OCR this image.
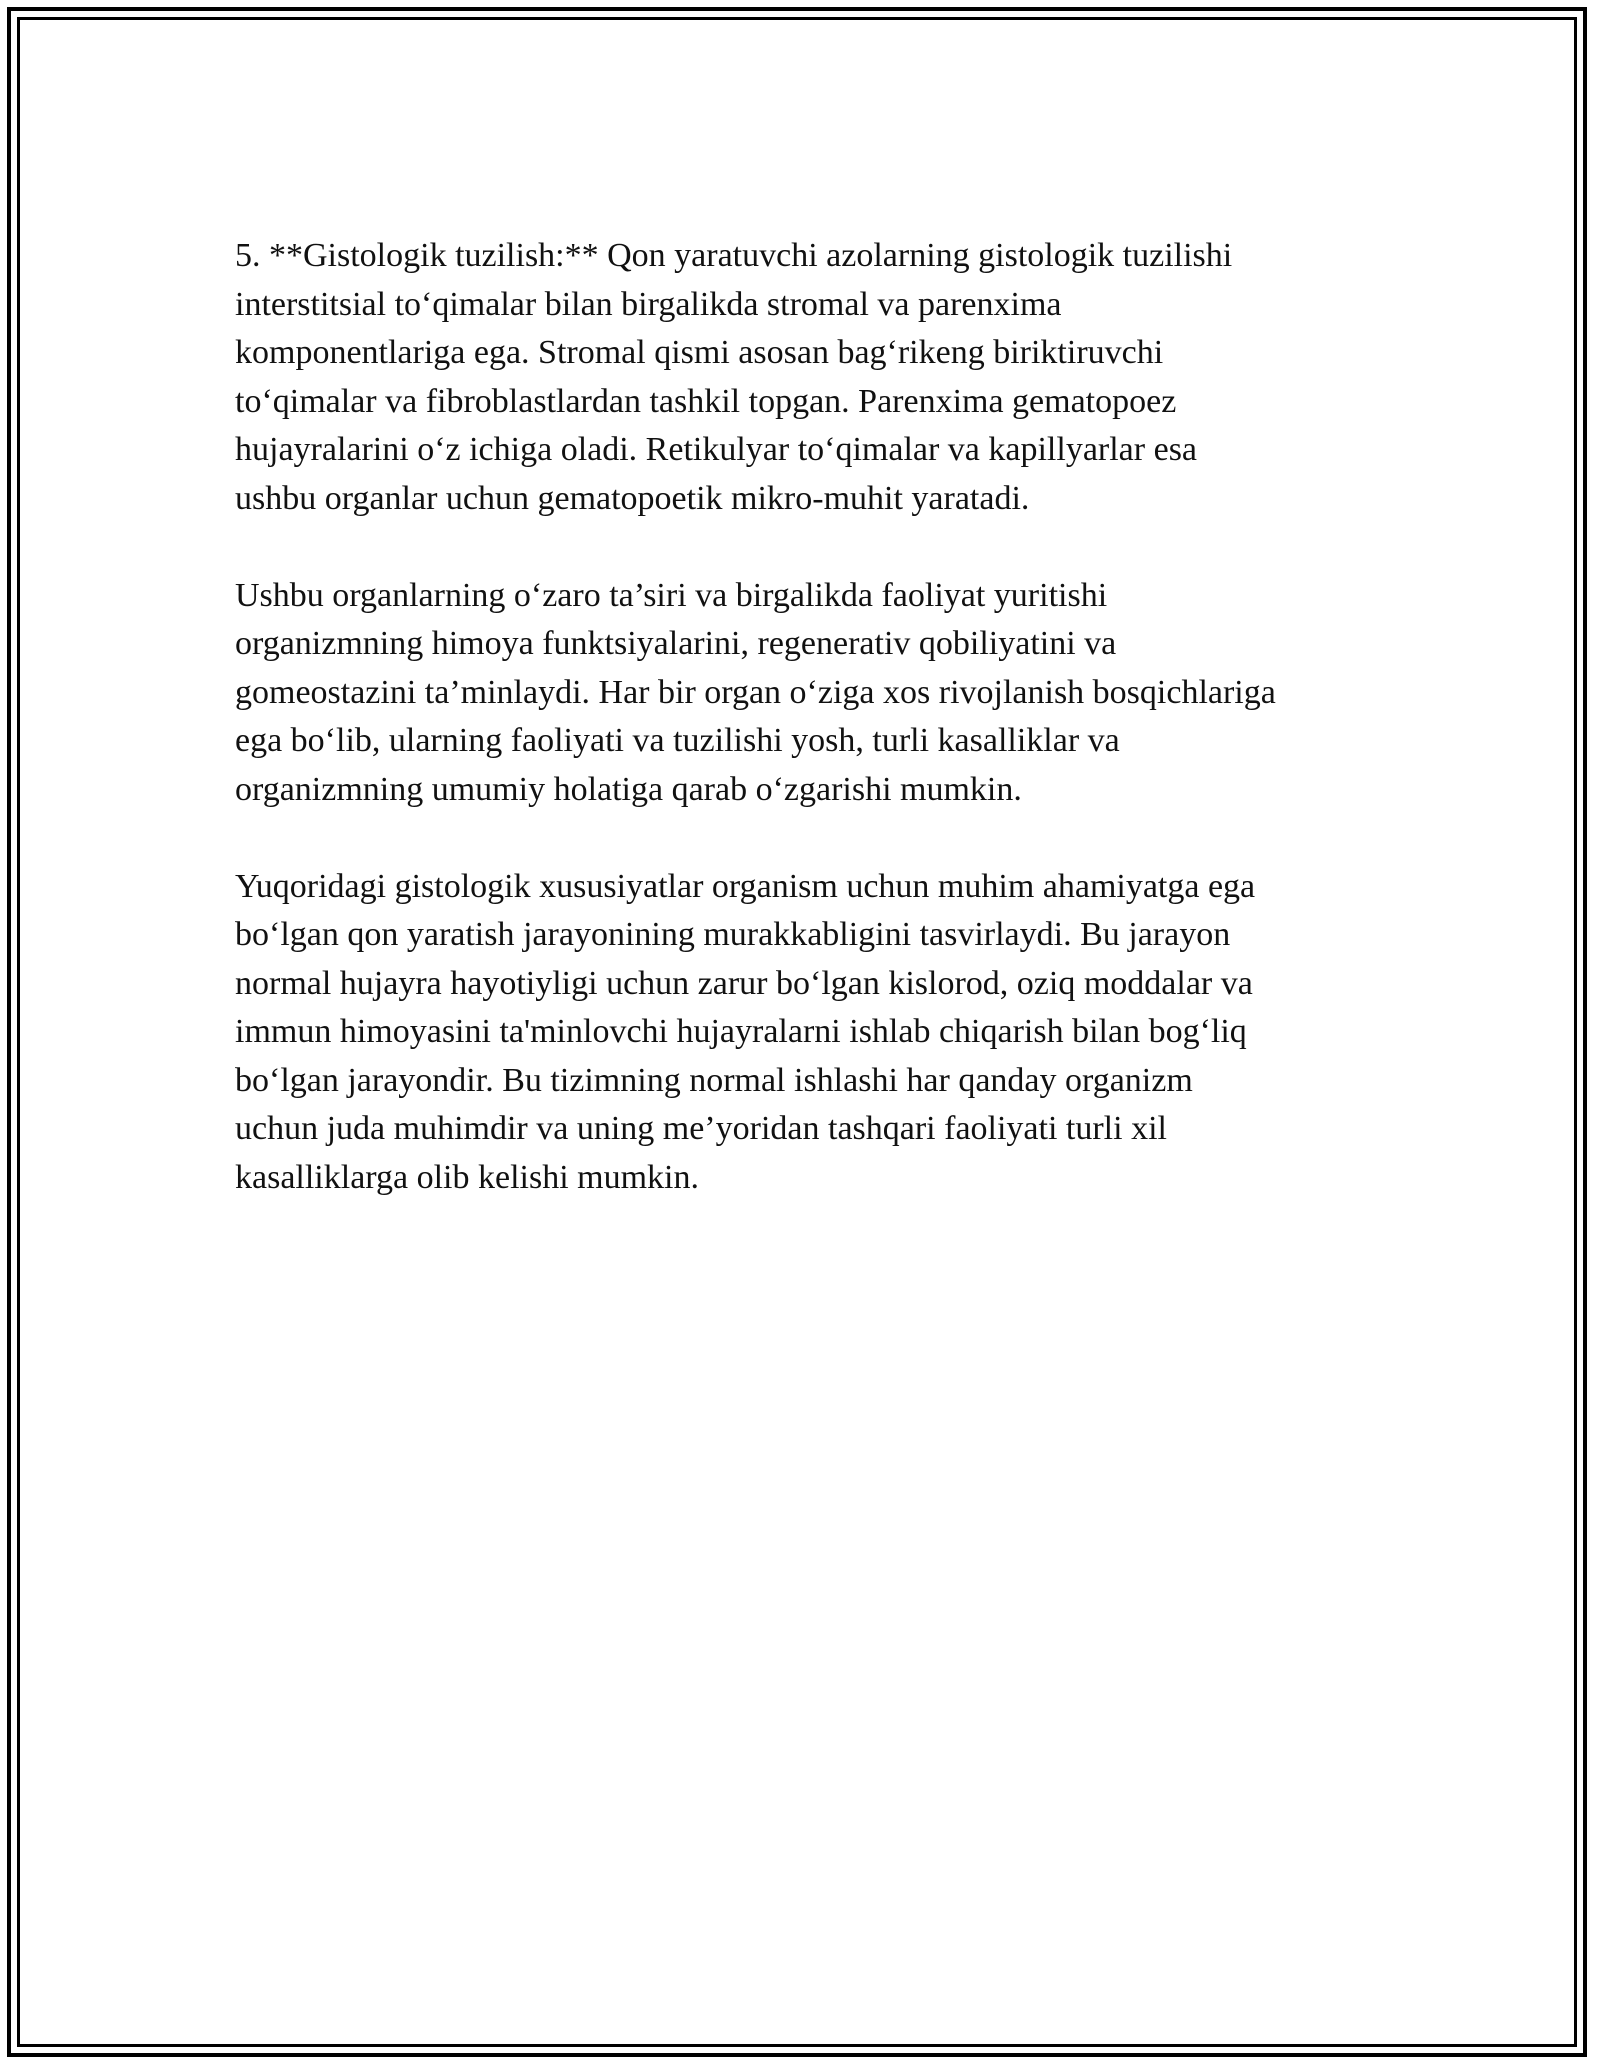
5. **Gistologik tuzilish:** Qon yaratuvchi azolarning gistologik tuzilishi
interstitsial to‘qimalar bilan birgalikda stromal va parenxima
komponentlariga ega. Stromal qismi asosan bag‘rikeng biriktiruvchi
to‘qimalar va fibroblastlardan tashkil topgan. Parenxima gematopoez
hujayralarini o‘z ichiga oladi. Retikulyar to‘qimalar va kapillyarlar esa
ushbu organlar uchun gematopoetik mikro-muhit yaratadi.

Ushbu organlarning o‘zaro ta’siri va birgalikda faoliyat yuritishi
organizmning himoya funktsiyalarini, regenerativ qobiliyatini va
gomeostazini ta’minlaydi. Har bir organ o‘ziga xos rivojlanish bosqichlariga
ega bo‘lib, ularning faoliyati va tuzilishi yosh, turli kasalliklar va
organizmning umumiy holatiga qarab o‘zgarishi mumkin.

Yuqoridagi gistologik xususiyatlar organism uchun muhim ahamiyatga ega
bo‘lgan qon yaratish jarayonining murakkabligini tasvirlaydi. Bu jarayon
normal hujayra hayotiyligi uchun zarur bo‘lgan kislorod, oziq moddalar va
immun himoyasini ta'minlovchi hujayralarni ishlab chiqarish bilan bog‘liq
bo‘lgan jarayondir. Bu tizimning normal ishlashi har qanday organizm
uchun juda muhimdir va uning me’yoridan tashqari faoliyati turli xil
kasalliklarga olib kelishi mumkin.
